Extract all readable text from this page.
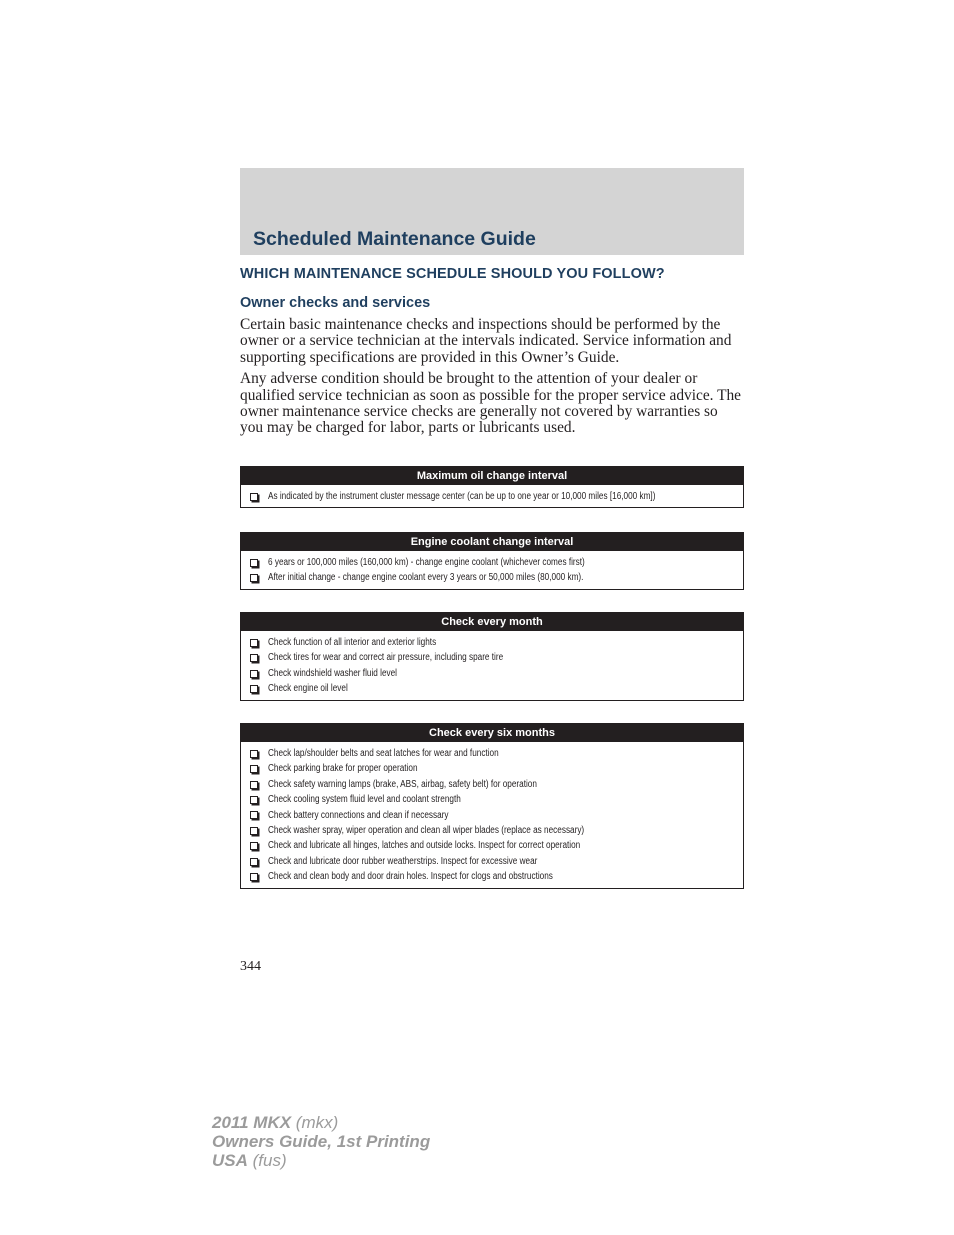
Scheduled Maintenance Guide
WHICH MAINTENANCE SCHEDULE SHOULD YOU FOLLOW?
Owner checks and services

Certain basic maintenance checks and inspections should be performed by the owner or a service technician at the intervals indicated. Service information and supporting specifications are provided in this Owner’s Guide.

Any adverse condition should be brought to the attention of your dealer or qualified service technician as soon as possible for the proper service advice. The owner maintenance service checks are generally not covered by warranties so you may be charged for labor, parts or lubricants used.

Maximum oil change interval
As indicated by the instrument cluster message center (can be up to one year or 10,000 miles [16,000 km])
Engine coolant change interval
6 years or 100,000 miles (160,000 km) - change engine coolant (whichever comes first)
After initial change - change engine coolant every 3 years or 50,000 miles (80,000 km).
Check every month
Check function of all interior and exterior lights
Check tires for wear and correct air pressure, including spare tire
Check windshield washer fluid level
Check engine oil level
Check every six months
Check lap/shoulder belts and seat latches for wear and function
Check parking brake for proper operation
Check safety warning lamps (brake, ABS, airbag, safety belt) for operation
Check cooling system fluid level and coolant strength
Check battery connections and clean if necessary
Check washer spray, wiper operation and clean all wiper blades (replace as necessary)
Check and lubricate all hinges, latches and outside locks. Inspect for correct operation
Check and lubricate door rubber weatherstrips. Inspect for excessive wear
Check and clean body and door drain holes. Inspect for clogs and obstructions

344

2011 MKX (mkx)
Owners Guide, 1st Printing
USA (fus)
